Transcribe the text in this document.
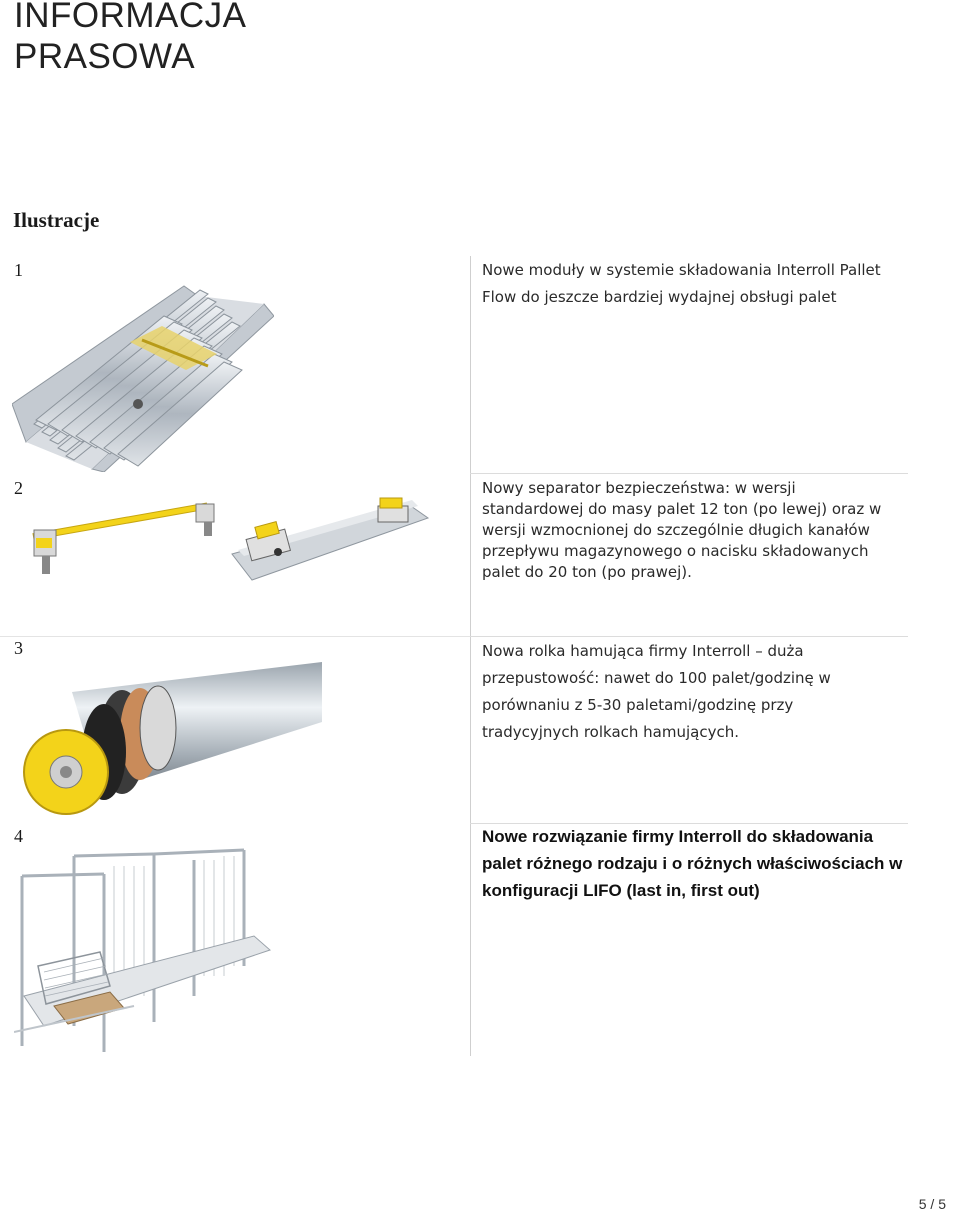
INFORMACJA
PRASOWA
Ilustracje
1	Nowe moduły w systemie składowania Interroll Pallet
Flow do jeszcze bardziej wydajnej obsługi palet

2	Nowy separator bezpieczeństwa: w wersji
standardowej do masy palet 12 ton (po lewej) oraz w
wersji wzmocnionej do szczególnie długich kanałów
przepływu magazynowego o nacisku składowanych
palet do 20 ton (po prawej).

3	Nowa rolka hamująca firmy Interroll – duża
przepustowość: nawet do 100 palet/godzinę w
porównaniu z 5-30 paletami/godzinę przy
tradycyjnych rolkach hamujących.

4	Nowe rozwiązanie firmy Interroll do składowania
palet różnego rodzaju i o różnych właściwościach w
konfiguracji LIFO (last in, first out)

5 / 5
